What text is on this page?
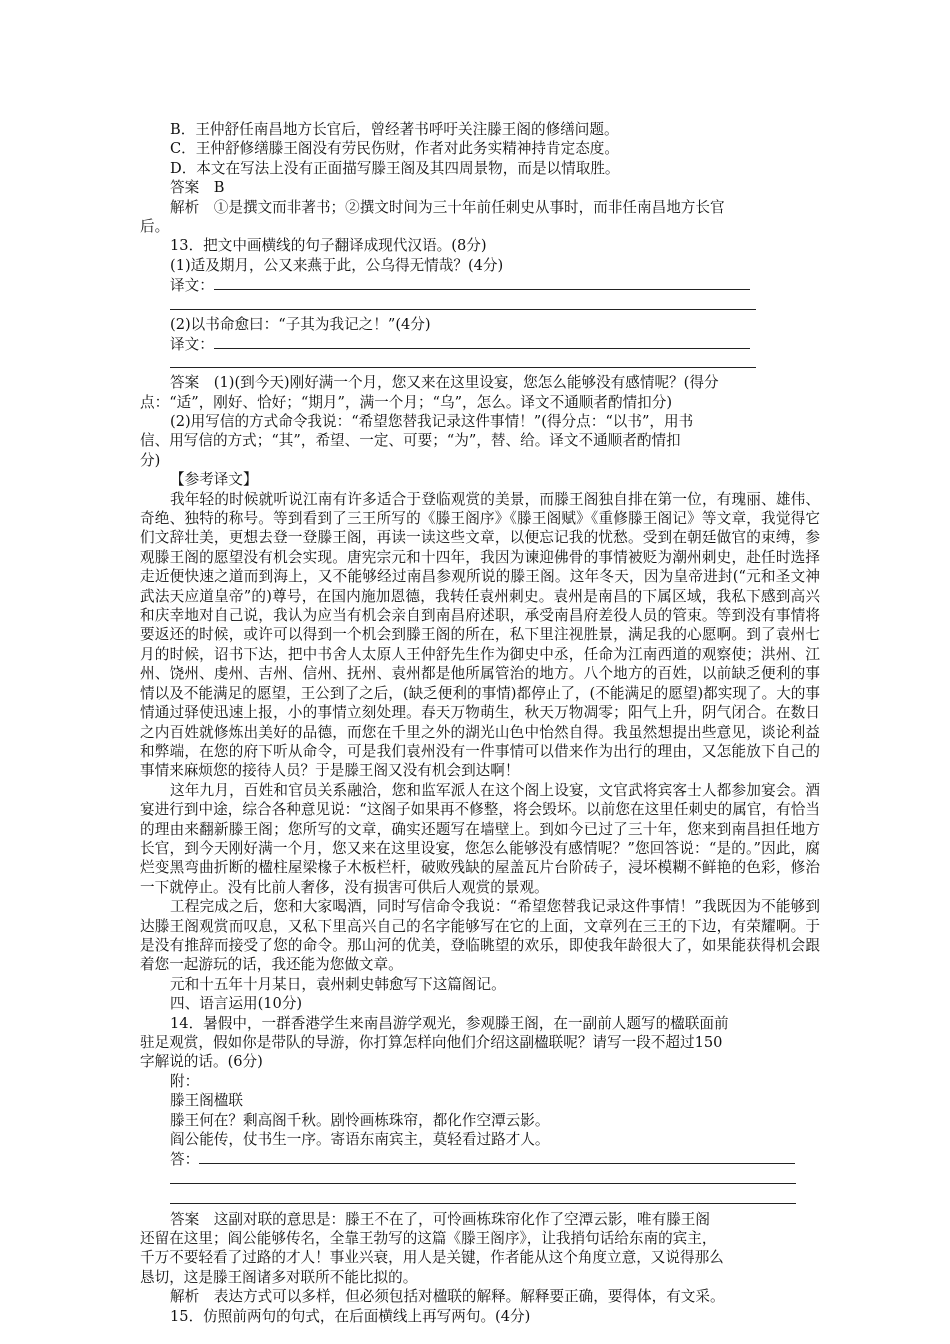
B．王仲舒任南昌地方长官后，曾经著书呼吁关注滕王阁的修缮问题。
C．王仲舒修缮滕王阁没有劳民伤财，作者对此务实精神持肯定态度。
D．本文在写法上没有正面描写滕王阁及其四周景物，而是以情取胜。
答案　B
解析　①是撰文而非著书；②撰文时间为三十年前任刺史从事时，而非任南昌地方长官
后。
13．把文中画横线的句子翻译成现代汉语。(8分)
(1)适及期月，公又来燕于此，公乌得无情哉？(4分)
译文：
(2)以书命愈曰：“子其为我记之！”(4分)
译文：
答案　(1)(到今天)刚好满一个月，您又来在这里设宴，您怎么能够没有感情呢？(得分
点：“适”，刚好、恰好；“期月”，满一个月；“乌”，怎么。译文不通顺者酌情扣分)
(2)用写信的方式命令我说：“希望您替我记录这件事情！”(得分点：“以书”，用书
信、用写信的方式；“其”，希望、一定、可要；“为”，替、给。译文不通顺者酌情扣
分)
【参考译文】
我年轻的时候就听说江南有许多适合于登临观赏的美景，而滕王阁独自排在第一位，有瑰丽、雄伟、奇绝、独特的称号。等到看到了三王所写的《滕王阁序》《滕王阁赋》《重修滕王阁记》等文章，我觉得它们文辞壮美，更想去登一登滕王阁，再读一读这些文章，以便忘记我的忧愁。受到在朝廷做官的束缚，参观滕王阁的愿望没有机会实现。唐宪宗元和十四年，我因为谏迎佛骨的事情被贬为潮州刺史，赴任时选择走近便快速之道而到海上，又不能够经过南昌参观所说的滕王阁。这年冬天，因为皇帝进封(“元和圣文神武法天应道皇帝”的)尊号，在国内施加恩德，我转任袁州刺史。袁州是南昌的下属区域，我私下感到高兴和庆幸地对自己说，我认为应当有机会亲自到南昌府述职，承受南昌府差役人员的管束。等到没有事情将要返还的时候，或许可以得到一个机会到滕王阁的所在，私下里注视胜景，满足我的心愿啊。到了袁州七月的时候，诏书下达，把中书舍人太原人王仲舒先生作为御史中丞，任命为江南西道的观察使；洪州、江州、饶州、虔州、吉州、信州、抚州、袁州都是他所属管治的地方。八个地方的百姓，以前缺乏便利的事情以及不能满足的愿望，王公到了之后，(缺乏便利的事情)都停止了，(不能满足的愿望)都实现了。大的事情通过驿使迅速上报，小的事情立刻处理。春天万物萌生，秋天万物凋零；阳气上升，阴气闭合。在数日之内百姓就修炼出美好的品德，而您在千里之外的湖光山色中怡然自得。我虽然想提出些意见，谈论利益和弊端，在您的府下听从命令，可是我们袁州没有一件事情可以借来作为出行的理由，又怎能放下自己的事情来麻烦您的接待人员？于是滕王阁又没有机会到达啊！
这年九月，百姓和官员关系融洽，您和监军派人在这个阁上设宴，文官武将宾客士人都参加宴会。酒宴进行到中途，综合各种意见说：“这阁子如果再不修整，将会毁坏。以前您在这里任刺史的属官，有恰当的理由来翻新滕王阁；您所写的文章，确实还题写在墙壁上。到如今已过了三十年，您来到南昌担任地方长官，到今天刚好满一个月，您又来在这里设宴，您怎么能够没有感情呢？”您回答说：“是的。”因此，腐烂变黑弯曲折断的楹柱屋梁椽子木板栏杆，破败残缺的屋盖瓦片台阶砖子，浸坏模糊不鲜艳的色彩，修治一下就停止。没有比前人奢侈，没有损害可供后人观赏的景观。
工程完成之后，您和大家喝酒，同时写信命令我说：“希望您替我记录这件事情！”我既因为不能够到达滕王阁观赏而叹息，又私下里高兴自己的名字能够写在它的上面，文章列在三王的下边，有荣耀啊。于是没有推辞而接受了您的命令。那山河的优美，登临眺望的欢乐，即使我年龄很大了，如果能获得机会跟着您一起游玩的话，我还能为您做文章。
元和十五年十月某日，袁州刺史韩愈写下这篇阁记。
四、语言运用(10分)
14．暑假中，一群香港学生来南昌游学观光，参观滕王阁，在一副前人题写的楹联面前
驻足观赏，假如你是带队的导游，你打算怎样向他们介绍这副楹联呢？请写一段不超过150
字解说的话。(6分)
附：
滕王阁楹联
滕王何在？剩高阁千秋。剧怜画栋珠帘，都化作空潭云影。
阎公能传，仗书生一序。寄语东南宾主，莫轻看过路才人。
答：
答案　这副对联的意思是：滕王不在了，可怜画栋珠帘化作了空潭云影，唯有滕王阁
还留在这里；阎公能够传名，全靠王勃写的这篇《滕王阁序》，让我捎句话给东南的宾主，
千万不要轻看了过路的才人！事业兴衰，用人是关键，作者能从这个角度立意，又说得那么
恳切，这是滕王阁诸多对联所不能比拟的。
解析　表达方式可以多样，但必须包括对楹联的解释。解释要正确，要得体，有文采。
15．仿照前两句的句式，在后面横线上再写两句。(4分)
